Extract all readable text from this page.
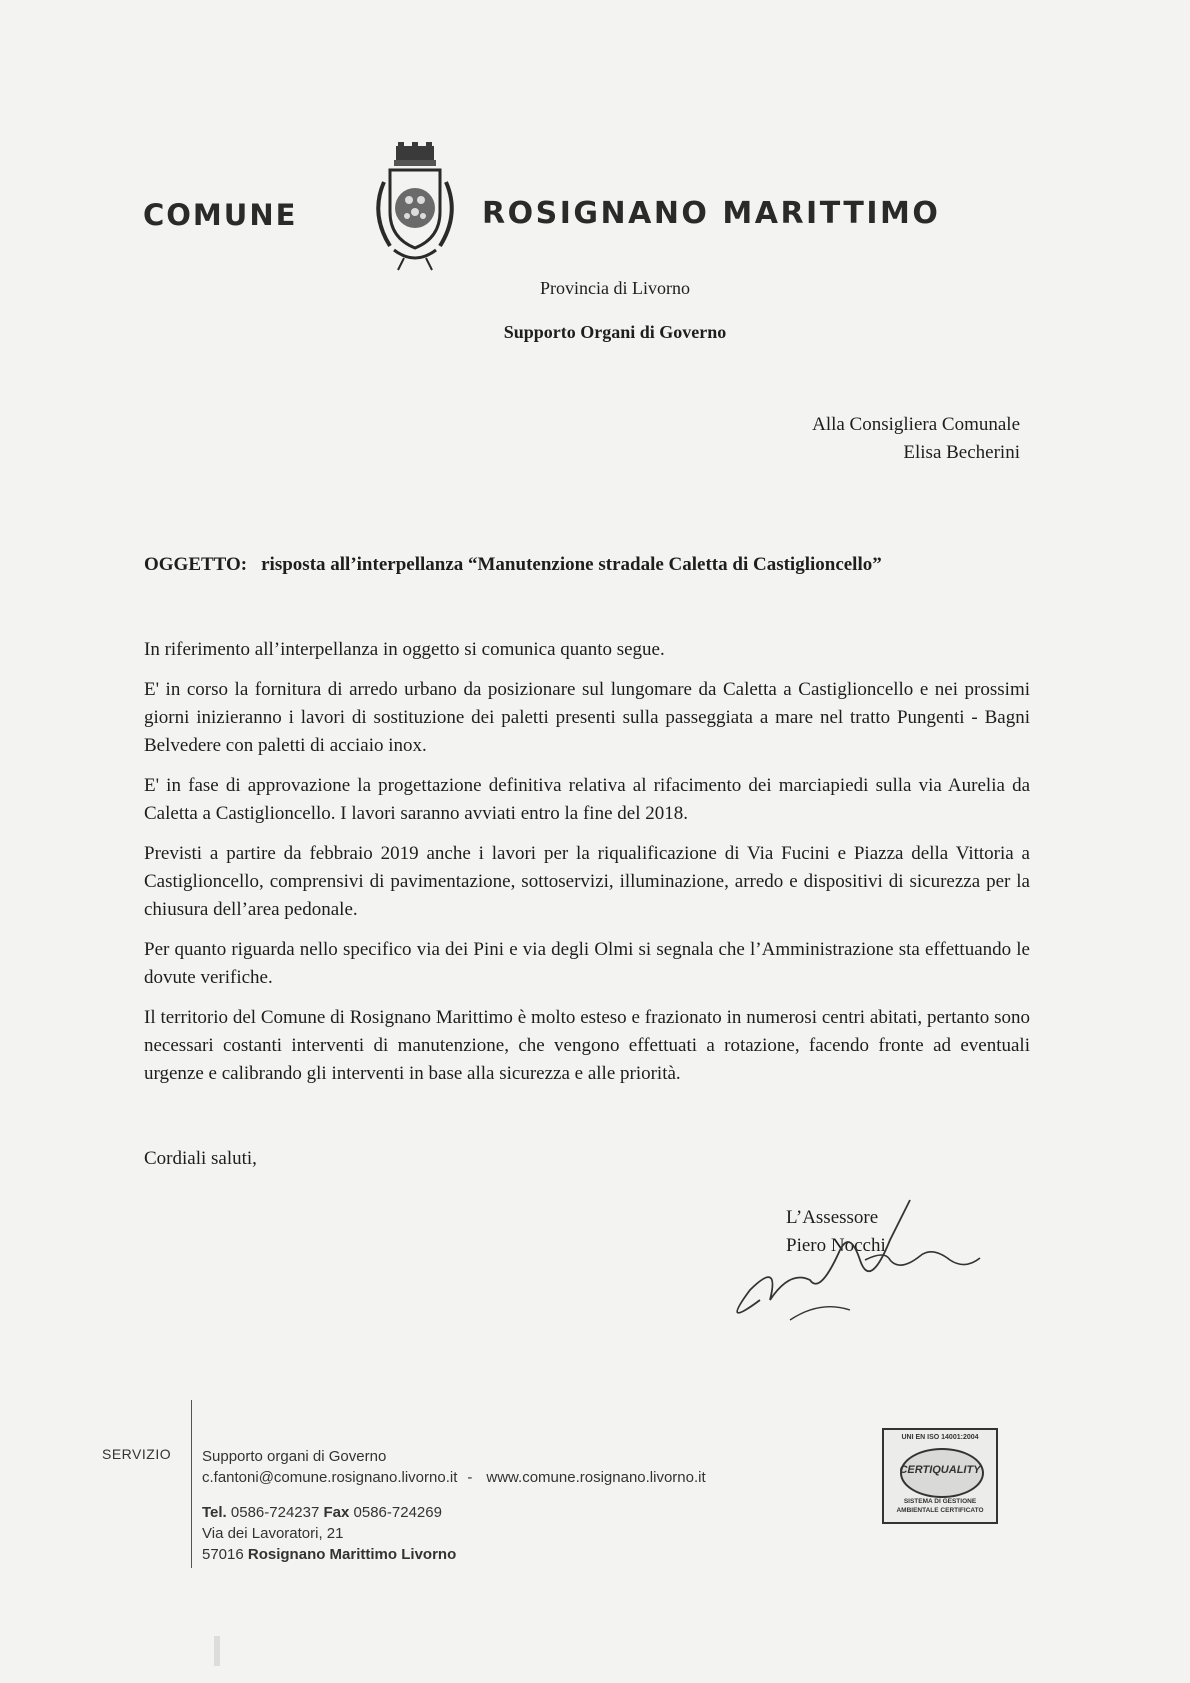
COMUNE	ROSIGNANO MARITTIMO
Provincia di Livorno
Supporto Organi di Governo
Alla Consigliera Comunale
Elisa Becherini
OGGETTO: risposta all’interpellanza “Manutenzione stradale Caletta di Castiglioncello”

In riferimento all’interpellanza in oggetto si comunica quanto segue.

E' in corso la fornitura di arredo urbano da posizionare sul lungomare da Caletta a Castiglioncello e nei prossimi giorni inizieranno i lavori di sostituzione dei paletti presenti sulla passeggiata a mare nel tratto Pungenti - Bagni Belvedere con paletti di acciaio inox.

E' in fase di approvazione la progettazione definitiva relativa al rifacimento dei marciapiedi sulla via Aurelia da Caletta a Castiglioncello. I lavori saranno avviati entro la fine del 2018.

Previsti a partire da febbraio 2019 anche i lavori per la riqualificazione di Via Fucini e Piazza della Vittoria a Castiglioncello, comprensivi di pavimentazione, sottoservizi, illuminazione, arredo e dispositivi di sicurezza per la chiusura dell’area pedonale.

Per quanto riguarda nello specifico via dei Pini e via degli Olmi si segnala che l’Amministrazione sta effettuando le dovute verifiche.

Il territorio del Comune di Rosignano Marittimo è molto esteso e frazionato in numerosi centri abitati, pertanto sono necessari costanti interventi di manutenzione, che vengono effettuati a rotazione, facendo fronte ad eventuali urgenze e calibrando gli interventi in base alla sicurezza e alle priorità.

Cordiali saluti,
L’Assessore
Piero Nocchi
SERVIZIO Supporto organi di Governo
c.fantoni@comune.rosignano.livorno.it - www.comune.rosignano.livorno.it
Tel. 0586-724237 Fax 0586-724269
Via dei Lavoratori, 21
57016 Rosignano Marittimo Livorno
UNI EN ISO 14001:2004
CERTIQUALITY
SISTEMA DI GESTIONE
AMBIENTALE CERTIFICATO
